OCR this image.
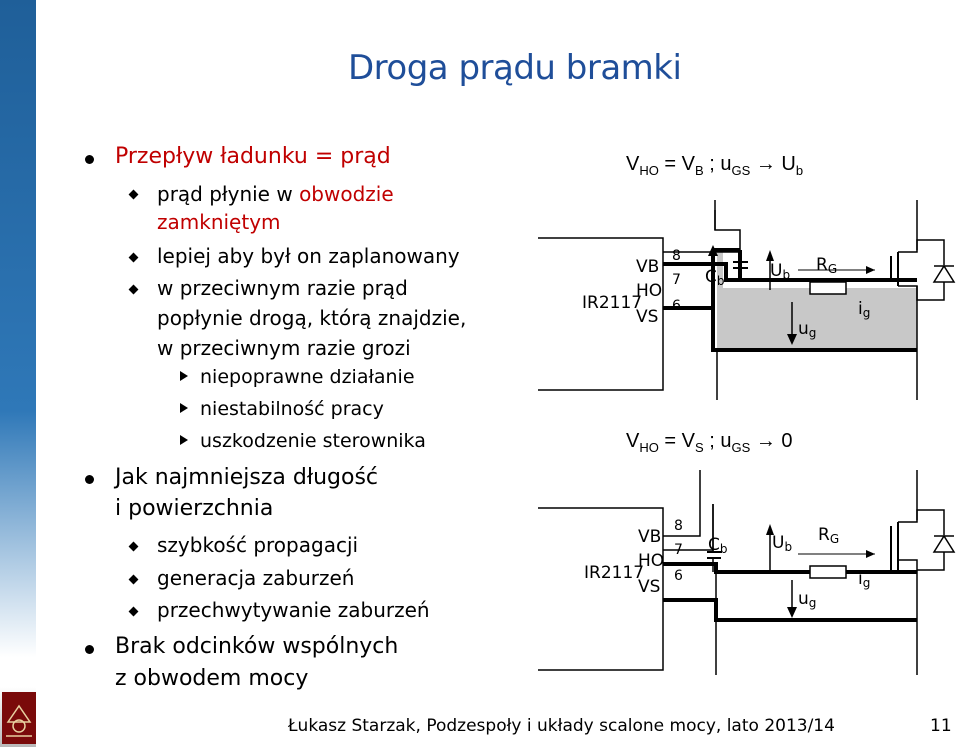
Droga prądu bramki
Przepływ ładunku = prąd
prąd płynie w obwodzie
zamkniętym
lepiej aby był on zaplanowany
w przeciwnym razie prąd
popłynie drogą, którą znajdzie,
w przeciwnym razie grozi
niepoprawne działanie
niestabilność pracy
uszkodzenie sterownika
Jak najmniejsza długość
i powierzchnia
szybkość propagacji
generacja zaburzeń
przechwytywanie zaburzeń
Brak odcinków wspólnych
z obwodem mocy
$V_{HO} = V_B$ ; $u_{GS} \to U_b$
$V_{HO} = V_S$ ; $u_{GS} \to 0$
IR2117
VB
HO
VS
8
7
6
Cb	Ub RG
ug
ig
IR2117
VB
HO
VS
8
7
6
Cb	Ub
RG
ug
ig
Łukasz Starzak, Podzespoły i układy scalone mocy, lato 2013/14	11
